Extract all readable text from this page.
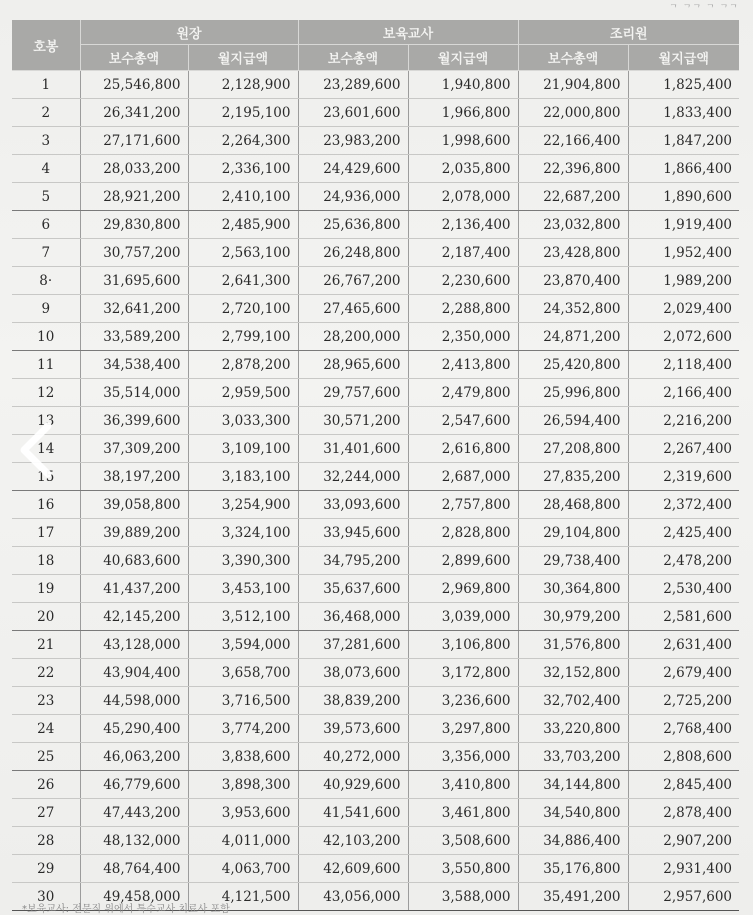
ᄀ ᄀᄀ ᄀ ᄀᄀ
호봉	원장		보육교사		조리원	
	보수총액	월지급액	보수총액	월지급액	보수총액	월지급액
1	25,546,800	2,128,900	23,289,600	1,940,800	21,904,800	1,825,400
2	26,341,200	2,195,100	23,601,600	1,966,800	22,000,800	1,833,400
3	27,171,600	2,264,300	23,983,200	1,998,600	22,166,400	1,847,200
4	28,033,200	2,336,100	24,429,600	2,035,800	22,396,800	1,866,400
5	28,921,200	2,410,100	24,936,000	2,078,000	22,687,200	1,890,600
6	29,830,800	2,485,900	25,636,800	2,136,400	23,032,800	1,919,400
7	30,757,200	2,563,100	26,248,800	2,187,400	23,428,800	1,952,400
8·	31,695,600	2,641,300	26,767,200	2,230,600	23,870,400	1,989,200
9	32,641,200	2,720,100	27,465,600	2,288,800	24,352,800	2,029,400
10	33,589,200	2,799,100	28,200,000	2,350,000	24,871,200	2,072,600
11	34,538,400	2,878,200	28,965,600	2,413,800	25,420,800	2,118,400
12	35,514,000	2,959,500	29,757,600	2,479,800	25,996,800	2,166,400
13	36,399,600	3,033,300	30,571,200	2,547,600	26,594,400	2,216,200
14	37,309,200	3,109,100	31,401,600	2,616,800	27,208,800	2,267,400
15	38,197,200	3,183,100	32,244,000	2,687,000	27,835,200	2,319,600
16	39,058,800	3,254,900	33,093,600	2,757,800	28,468,800	2,372,400
17	39,889,200	3,324,100	33,945,600	2,828,800	29,104,800	2,425,400
18	40,683,600	3,390,300	34,795,200	2,899,600	29,738,400	2,478,200
19	41,437,200	3,453,100	35,637,600	2,969,800	30,364,800	2,530,400
20	42,145,200	3,512,100	36,468,000	3,039,000	30,979,200	2,581,600
21	43,128,000	3,594,000	37,281,600	3,106,800	31,576,800	2,631,400
22	43,904,400	3,658,700	38,073,600	3,172,800	32,152,800	2,679,400
23	44,598,000	3,716,500	38,839,200	3,236,600	32,702,400	2,725,200
24	45,290,400	3,774,200	39,573,600	3,297,800	33,220,800	2,768,400
25	46,063,200	3,838,600	40,272,000	3,356,000	33,703,200	2,808,600
26	46,779,600	3,898,300	40,929,600	3,410,800	34,144,800	2,845,400
27	47,443,200	3,953,600	41,541,600	3,461,800	34,540,800	2,878,400
28	48,132,000	4,011,000	42,103,200	3,508,600	34,886,400	2,907,200
29	48,764,400	4,063,700	42,609,600	3,550,800	35,176,800	2,931,400
30	49,458,000	4,121,500	43,056,000	3,588,000	35,491,200	2,957,600
*보육교사: 전문직 위에서 특수교사 치료사 포함
